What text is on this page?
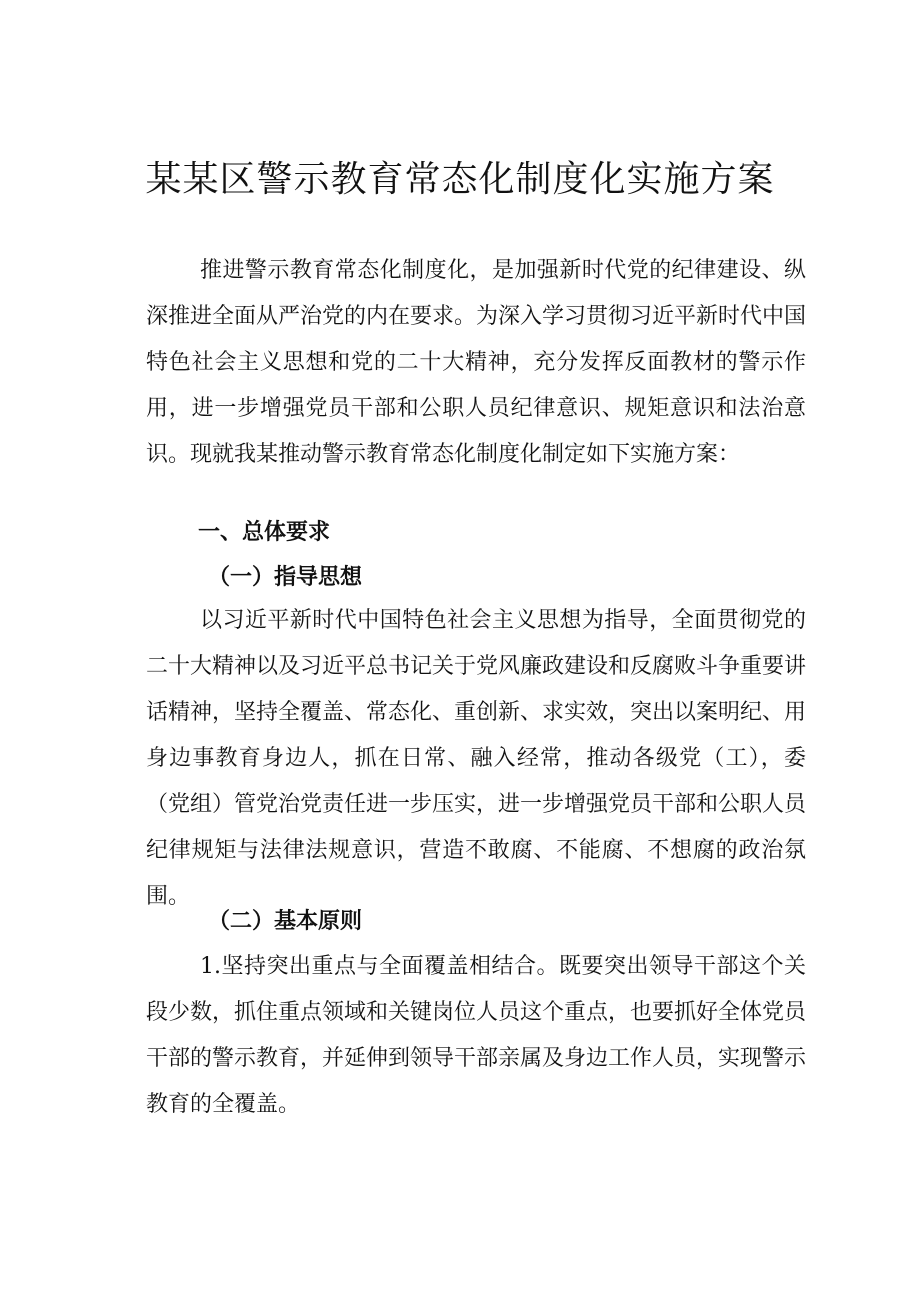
某某区警示教育常态化制度化实施方案

推进警示教育常态化制度化，是加强新时代党的纪律建设、纵深推进全面从严治党的内在要求。为深入学习贯彻习近平新时代中国特色社会主义思想和党的二十大精神，充分发挥反面教材的警示作用，进一步增强党员干部和公职人员纪律意识、规矩意识和法治意识。现就我某推动警示教育常态化制度化制定如下实施方案：

一、总体要求
（一）指导思想

以习近平新时代中国特色社会主义思想为指导，全面贯彻党的二十大精神以及习近平总书记关于党风廉政建设和反腐败斗争重要讲话精神，坚持全覆盖、常态化、重创新、求实效，突出以案明纪、用身边事教育身边人，抓在日常、融入经常，推动各级党（工），委（党组）管党治党责任进一步压实，进一步增强党员干部和公职人员纪律规矩与法律法规意识，营造不敢腐、不能腐、不想腐的政治氛围。

（二）基本原则

1.坚持突出重点与全面覆盖相结合。既要突出领导干部这个关段少数，抓住重点领域和关键岗位人员这个重点，也要抓好全体党员干部的警示教育，并延伸到领导干部亲属及身边工作人员，实现警示教育的全覆盖。
